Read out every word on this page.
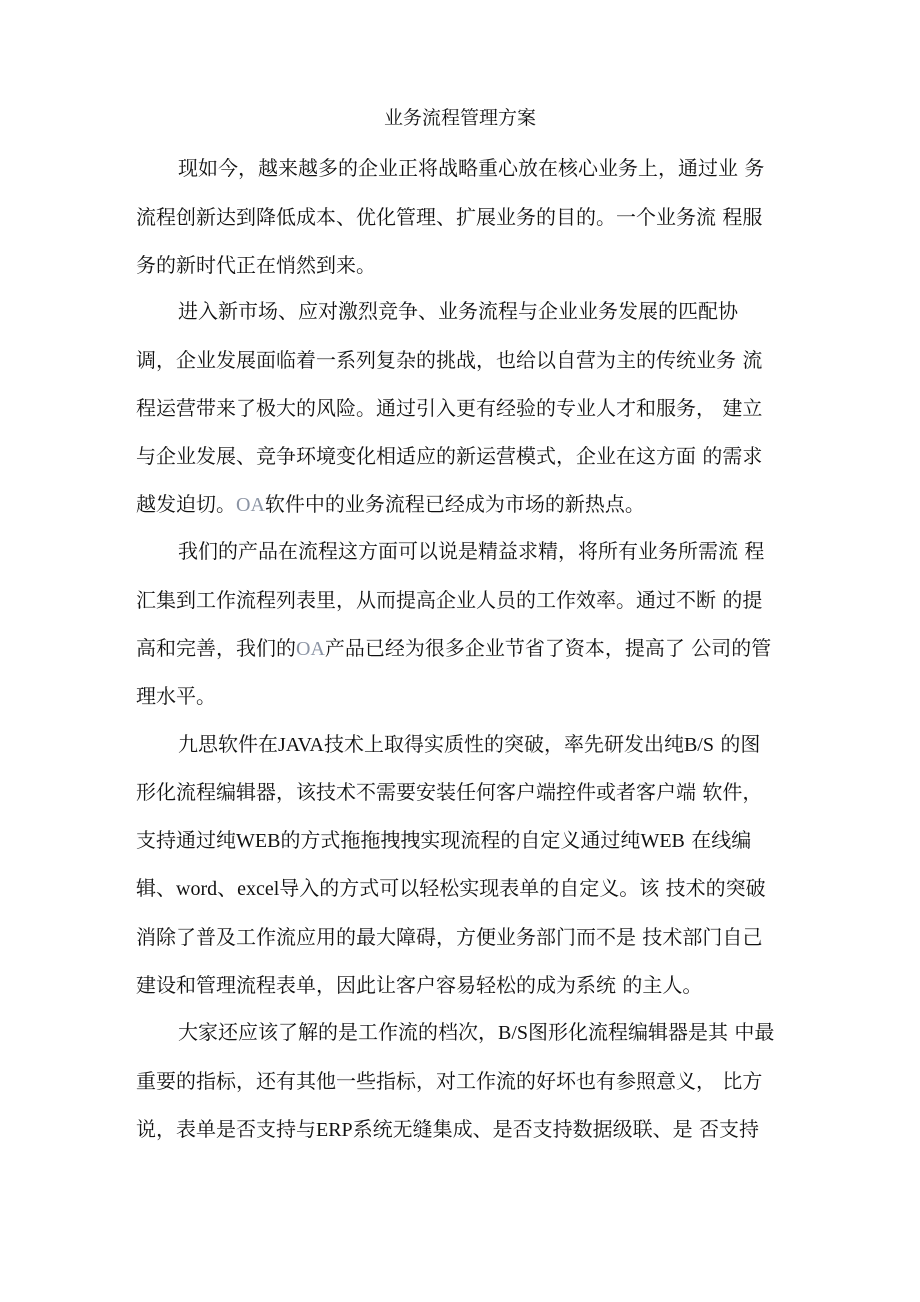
业务流程管理方案

现如今，越来越多的企业正将战略重心放在核心业务上，通过业 务

流程创新达到降低成本、优化管理、扩展业务的目的。一个业务流 程服

务的新时代正在悄然到来。

进入新市场、应对激烈竞争、业务流程与企业业务发展的匹配协

调，企业发展面临着一系列复杂的挑战，也给以自营为主的传统业务 流

程运营带来了极大的风险。通过引入更有经验的专业人才和服务， 建立

与企业发展、竞争环境变化相适应的新运营模式，企业在这方面 的需求

越发迫切。OA软件中的业务流程已经成为市场的新热点。

我们的产品在流程这方面可以说是精益求精，将所有业务所需流 程

汇集到工作流程列表里，从而提高企业人员的工作效率。通过不断 的提

高和完善，我们的OA产品已经为很多企业节省了资本，提高了 公司的管

理水平。

九思软件在JAVA技术上取得实质性的突破，率先研发出纯B/S 的图

形化流程编辑器，该技术不需要安装任何客户端控件或者客户端 软件，

支持通过纯WEB的方式拖拖拽拽实现流程的自定义通过纯WEB 在线编

辑、word、excel导入的方式可以轻松实现表单的自定义。该 技术的突破

消除了普及工作流应用的最大障碍，方便业务部门而不是 技术部门自己

建设和管理流程表单，因此让客户容易轻松的成为系统 的主人。

大家还应该了解的是工作流的档次，B/S图形化流程编辑器是其 中最

重要的指标，还有其他一些指标，对工作流的好坏也有参照意义， 比方

说，表单是否支持与ERP系统无缝集成、是否支持数据级联、是 否支持
